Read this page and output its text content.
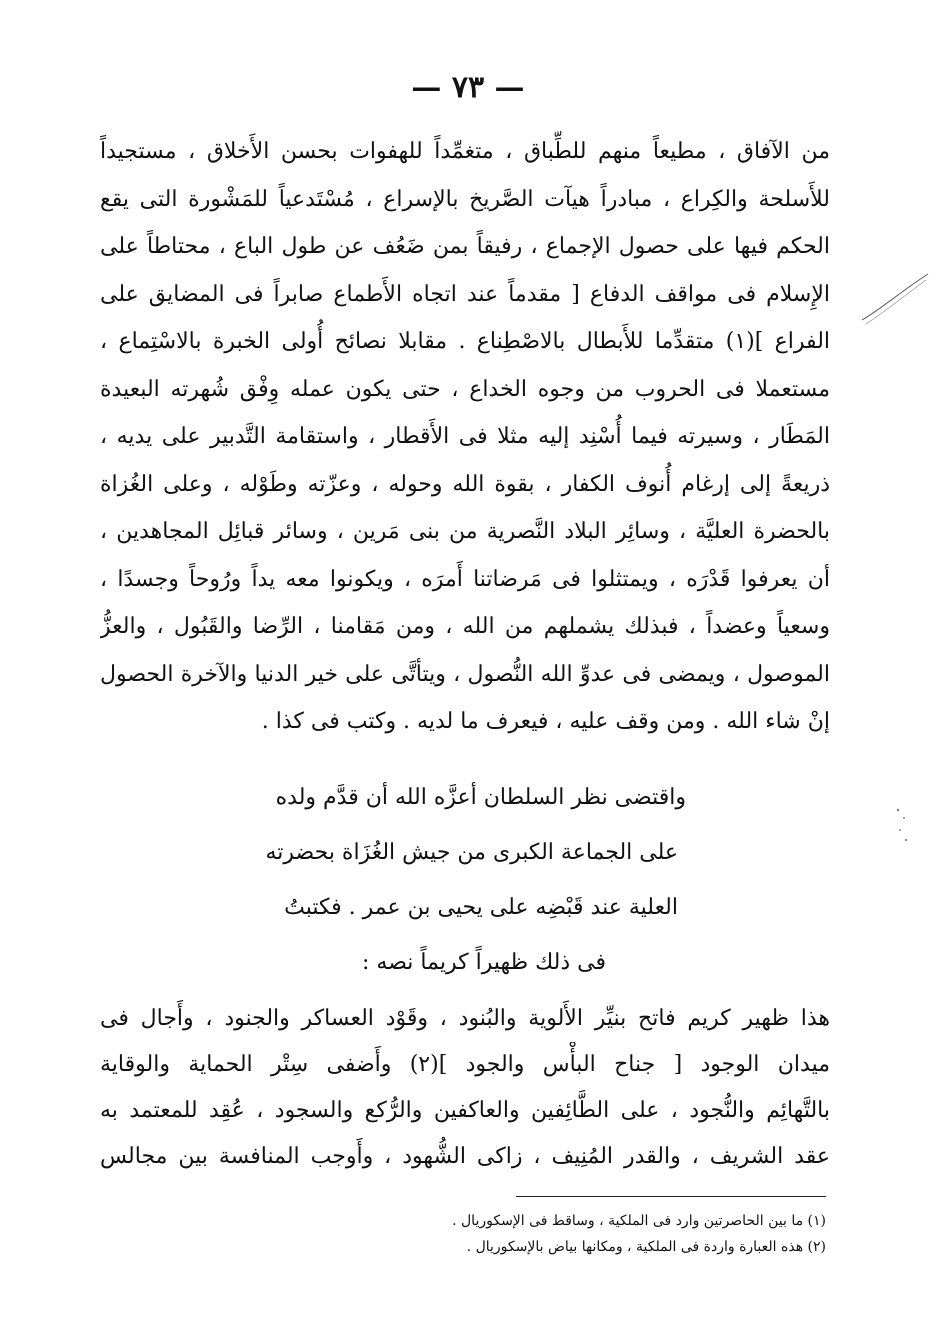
— ٧٣ —
من الآفاق ، مطيعاً منهم للطِّباق ، متغمِّداً للهفوات بحسن الأَخلاق ، مستجيداً
للأَسلحة والكِراع ، مبادراً هيآت الصَّريخ بالإسراع ، مُسْتَدعياً للمَشْورة التى يقع
الحكم فيها على حصول الإجماع ، رفيقاً بمن ضَعُف عن طول الباع ، محتاطاً على
الإِسلام فى مواقف الدفاع [ مقدماً عند اتجاه الأَطماع صابراً فى المضايق على
الفراع ](١) متقدِّما للأَبطال بالاصْطِناع . مقابلا نصائح أُولى الخبرة بالاسْتِماع ،
مستعملا فى الحروب من وجوه الخداع ، حتى يكون عمله وِفْق شُهرته البعيدة
المَطَار ، وسيرته فيما أُسْنِد إليه مثلا فى الأَقطار ، واستقامة التَّدبير على يديه ،
ذريعةً إلى إرغام أُنوف الكفار ، بقوة الله وحوله ، وعزّته وطَوْله ، وعلى الغُزاة
بالحضرة العليَّة ، وسائِر البلاد النَّصرية من بنى مَرين ، وسائر قبائِل المجاهدين ،
أن يعرفوا قَدْرَه ، ويمتثلوا فى مَرضاتنا أَمرَه ، ويكونوا معه يداً ورُوحاً وجسدًا ،
وسعياً وعضداً ، فبذلك يشملهم من الله ، ومن مَقامنا ، الرِّضا والقَبُول ، والعزُّ
الموصول ، ويمضى فى عدوِّ الله النُّصول ، ويتأتَّى على خير الدنيا والآخرة الحصول
إنْ شاء الله . ومن وقف عليه ، فيعرف ما لديه . وكتب فى كذا .
واقتضى نظر السلطان أعزَّه الله أن قدَّم ولده
على الجماعة الكبرى من جيش الغُزَاة بحضرته
العلية عند قَبْضِه على يحيى بن عمر . فكتبتُ
فى ذلك ظهيراً كريماً نصه :
هذا ظهير كريم فاتح بنيِّر الأَلوية والبُنود ، وقَوْد العساكر والجنود ، وأَجال فى
ميدان الوجود [ جناح البأْس والجود ](٢) وأَضفى سِتْر الحماية والوقاية
بالتَّهائِم والنُّجود ، على الطَّائِفين والعاكفين والرُّكع والسجود ، عُقِد للمعتمد به
عقد الشريف ، والقدر المُنِيف ، زاكى الشُّهود ، وأَوجب المنافسة بين مجالس
(١) ما بين الحاصرتين وارد فى الملكية ، وساقط فى الإسكوريال .
(٢) هذه العبارة واردة فى الملكية ، ومكانها بياض بالإسكوريال .
